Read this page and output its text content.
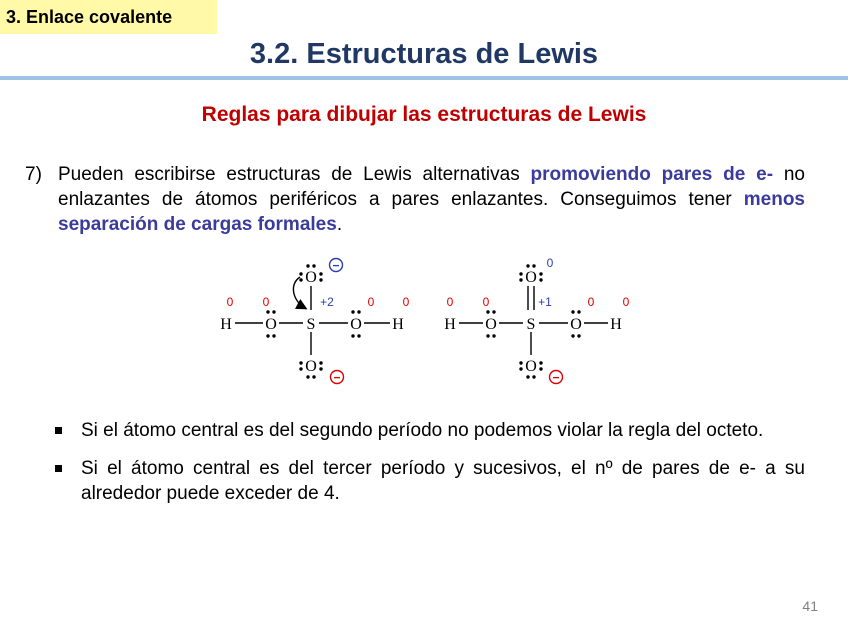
3. Enlace covalente
3.2. Estructuras de Lewis
Reglas para dibujar las estructuras de Lewis
7) Pueden escribirse estructuras de Lewis alternativas promoviendo pares de e- no enlazantes de átomos periféricos a pares enlazantes. Conseguimos tener menos separación de cargas formales.
H O S O H
O
O
0 0	+2	0 0
−
−
H O S O H
O
O
0 0
0
+1	0 0
−
Si el átomo central es del segundo período no podemos violar la regla del octeto.
Si el átomo central es del tercer período y sucesivos, el nº de pares de e- a su alrededor puede exceder de 4.
41
